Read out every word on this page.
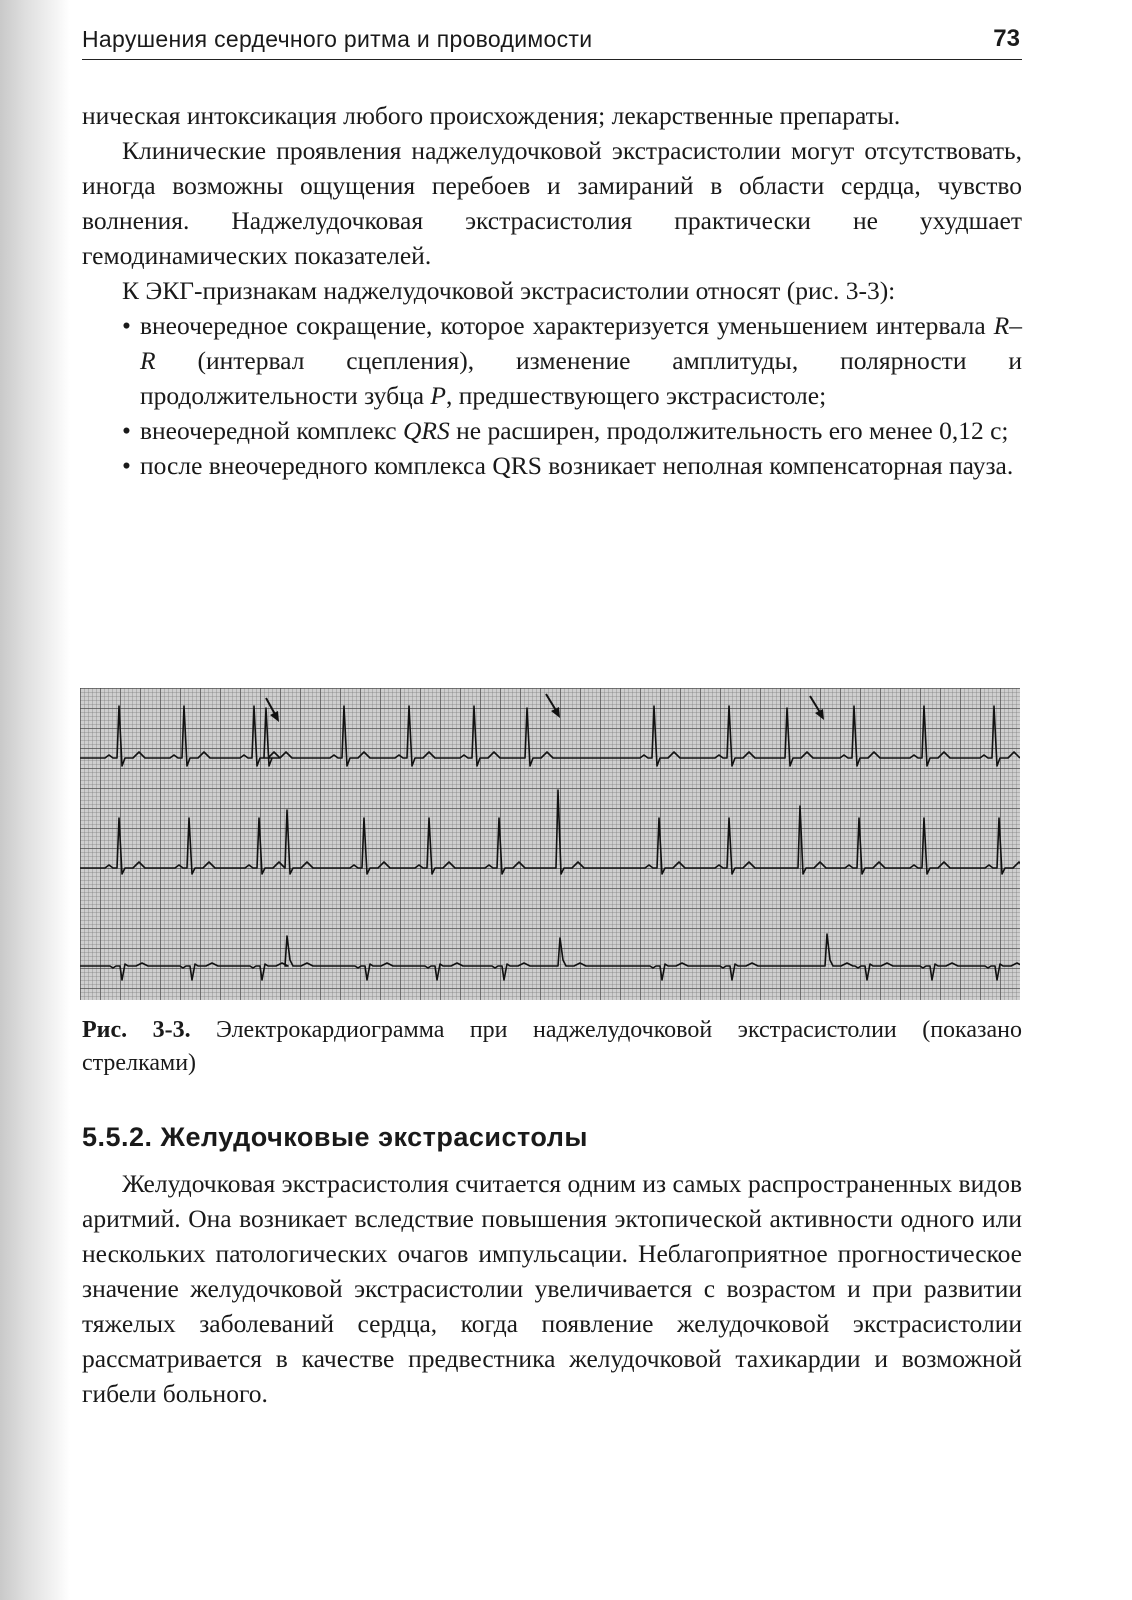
Нарушения сердечного ритма и проводимости	73

ническая интоксикация любого происхождения; лекарственные препараты.

Клинические проявления наджелудочковой экстрасистолии могут отсутствовать, иногда возможны ощущения перебоев и замираний в области сердца, чувство волнения. Наджелудочковая экстрасистолия практически не ухудшает гемодинамических показателей.

К ЭКГ-признакам наджелудочковой экстрасистолии относят (рис. 3-3):

• внеочередное сокращение, которое характеризуется уменьшением интервала R–R (интервал сцепления), изменение амплитуды, полярности и продолжительности зубца P, предшествующего экстрасистоле;
• внеочередной комплекс QRS не расширен, продолжительность его менее 0,12 с;
• после внеочередного комплекса QRS возникает неполная компенсаторная пауза.
Рис. 3-3. Электрокардиограмма при наджелудочковой экстрасистолии (показано стрелками)
5.5.2. Желудочковые экстрасистолы

Желудочковая экстрасистолия считается одним из самых распространенных видов аритмий. Она возникает вследствие повышения эктопической активности одного или нескольких патологических очагов импульсации. Неблагоприятное прогностическое значение желудочковой экстрасистолии увеличивается с возрастом и при развитии тяжелых заболеваний сердца, когда появление желудочковой экстрасистолии рассматривается в качестве предвестника желудочковой тахикардии и возможной гибели больного.
